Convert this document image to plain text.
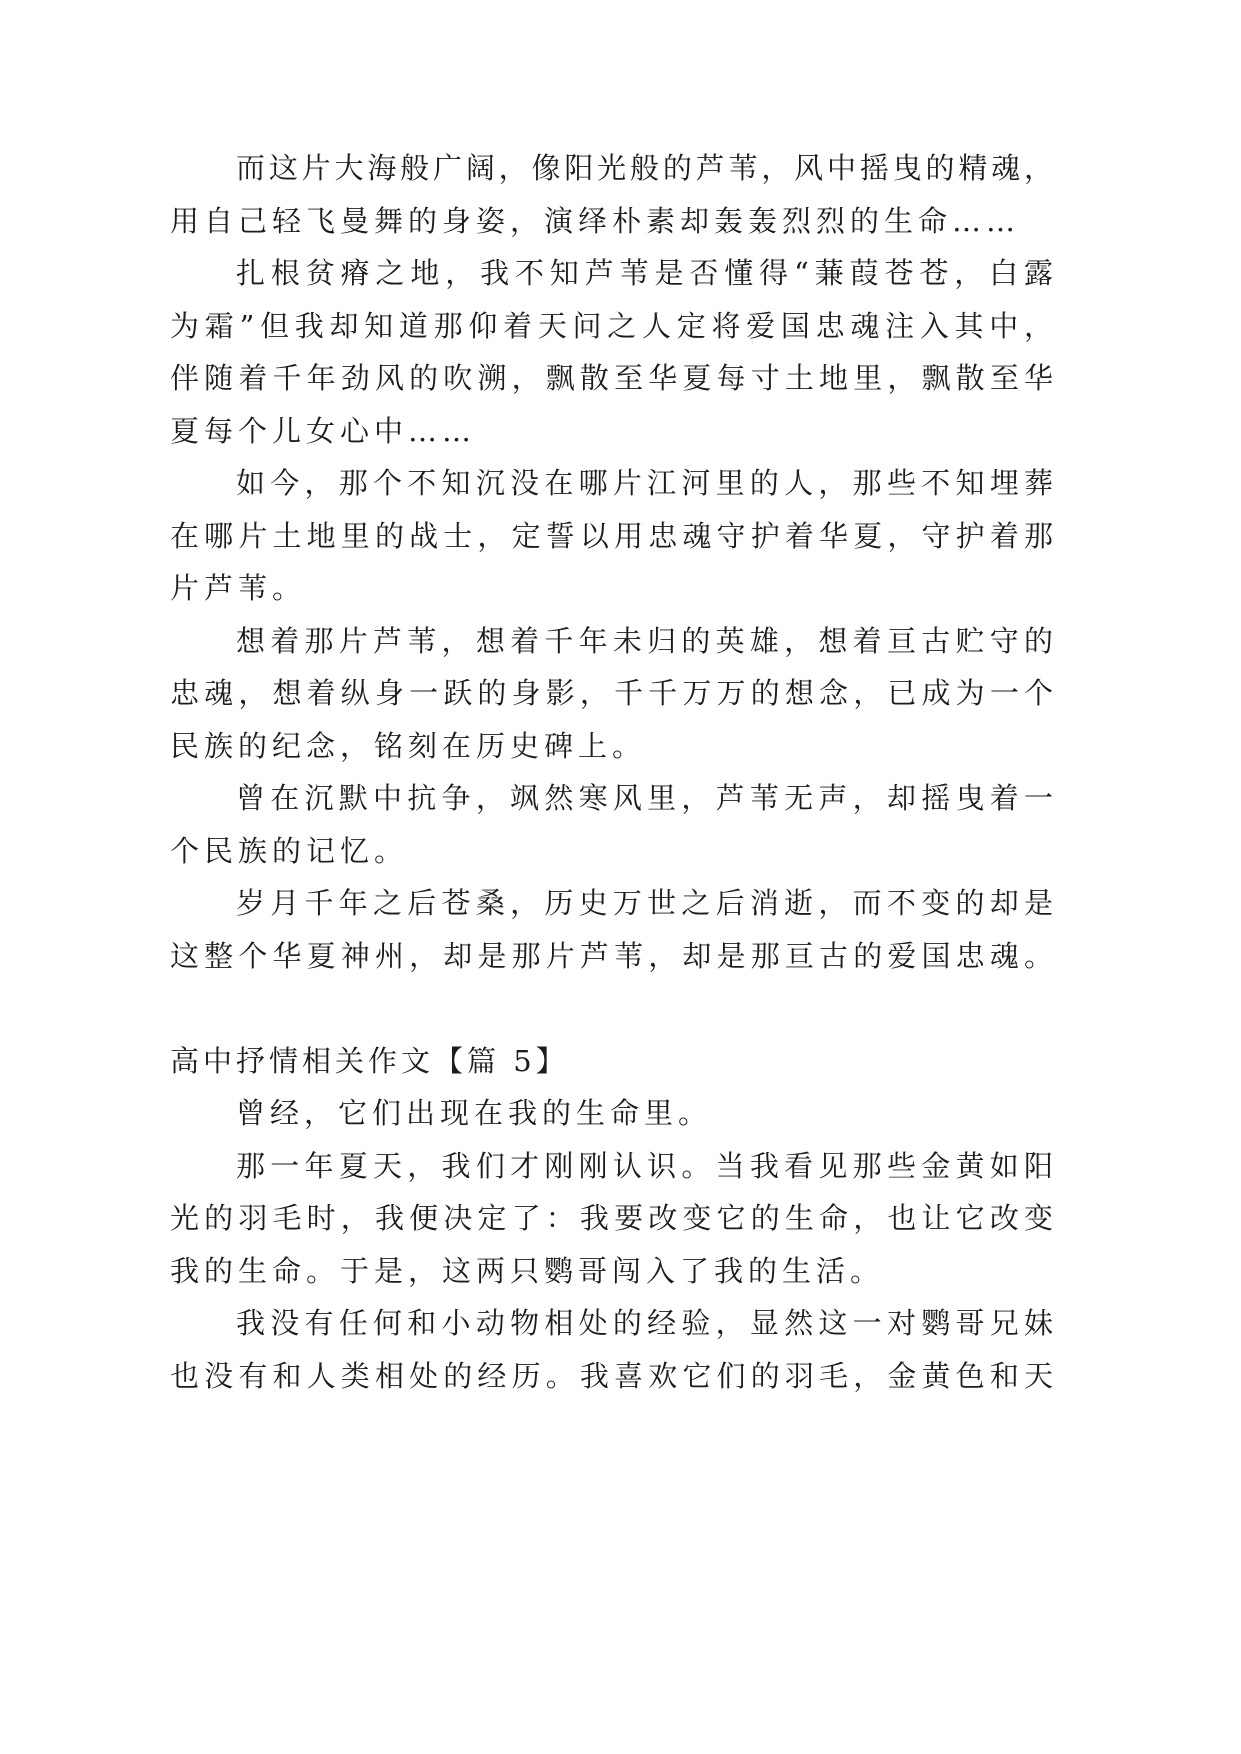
而这片大海般广阔，像阳光般的芦苇，风中摇曳的精魂，
用自己轻飞曼舞的身姿，演绎朴素却轰轰烈烈的生命……
扎根贫瘠之地，我不知芦苇是否懂得“蒹葭苍苍，白露
为霜”但我却知道那仰着天问之人定将爱国忠魂注入其中，
伴随着千年劲风的吹溯，飘散至华夏每寸土地里，飘散至华
夏每个儿女心中……
如今，那个不知沉没在哪片江河里的人，那些不知埋葬
在哪片土地里的战士，定誓以用忠魂守护着华夏，守护着那
片芦苇。
想着那片芦苇，想着千年未归的英雄，想着亘古贮守的
忠魂，想着纵身一跃的身影，千千万万的想念，已成为一个
民族的纪念，铭刻在历史碑上。
曾在沉默中抗争，飒然寒风里，芦苇无声，却摇曳着一
个民族的记忆。
岁月千年之后苍桑，历史万世之后消逝，而不变的却是
这整个华夏神州，却是那片芦苇，却是那亘古的爱国忠魂。
高中抒情相关作文【篇 5】
曾经，它们出现在我的生命里。
那一年夏天，我们才刚刚认识。当我看见那些金黄如阳
光的羽毛时，我便决定了：我要改变它的生命，也让它改变
我的生命。于是，这两只鹦哥闯入了我的生活。
我没有任何和小动物相处的经验，显然这一对鹦哥兄妹
也没有和人类相处的经历。我喜欢它们的羽毛，金黄色和天
